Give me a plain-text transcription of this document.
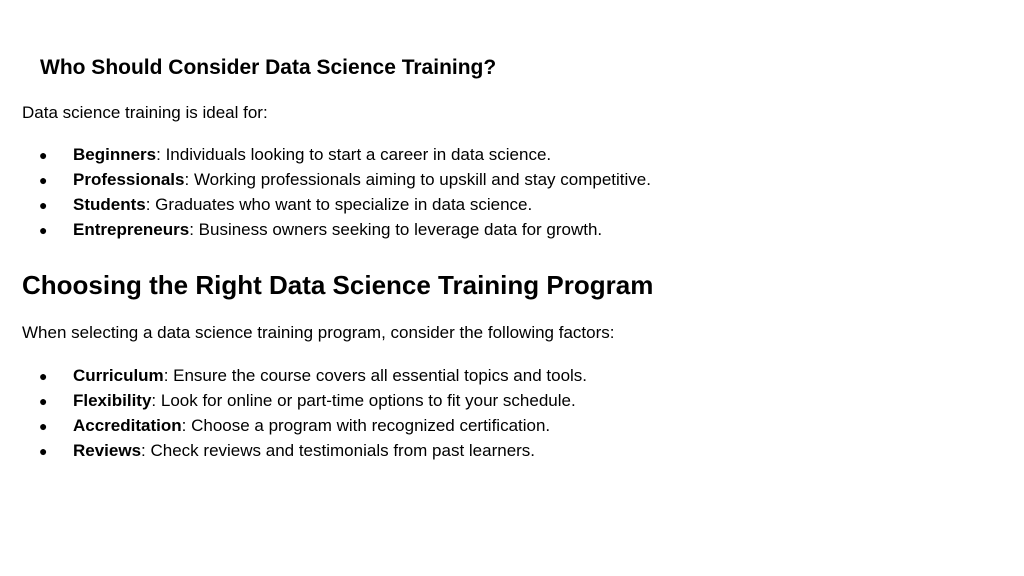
Who Should Consider Data Science Training?

Data science training is ideal for:

● Beginners: Individuals looking to start a career in data science.
● Professionals: Working professionals aiming to upskill and stay competitive.
● Students: Graduates who want to specialize in data science.
● Entrepreneurs: Business owners seeking to leverage data for growth.
Choosing the Right Data Science Training Program

When selecting a data science training program, consider the following factors:

● Curriculum: Ensure the course covers all essential topics and tools.
● Flexibility: Look for online or part-time options to fit your schedule.
● Accreditation: Choose a program with recognized certification.
● Reviews: Check reviews and testimonials from past learners.
